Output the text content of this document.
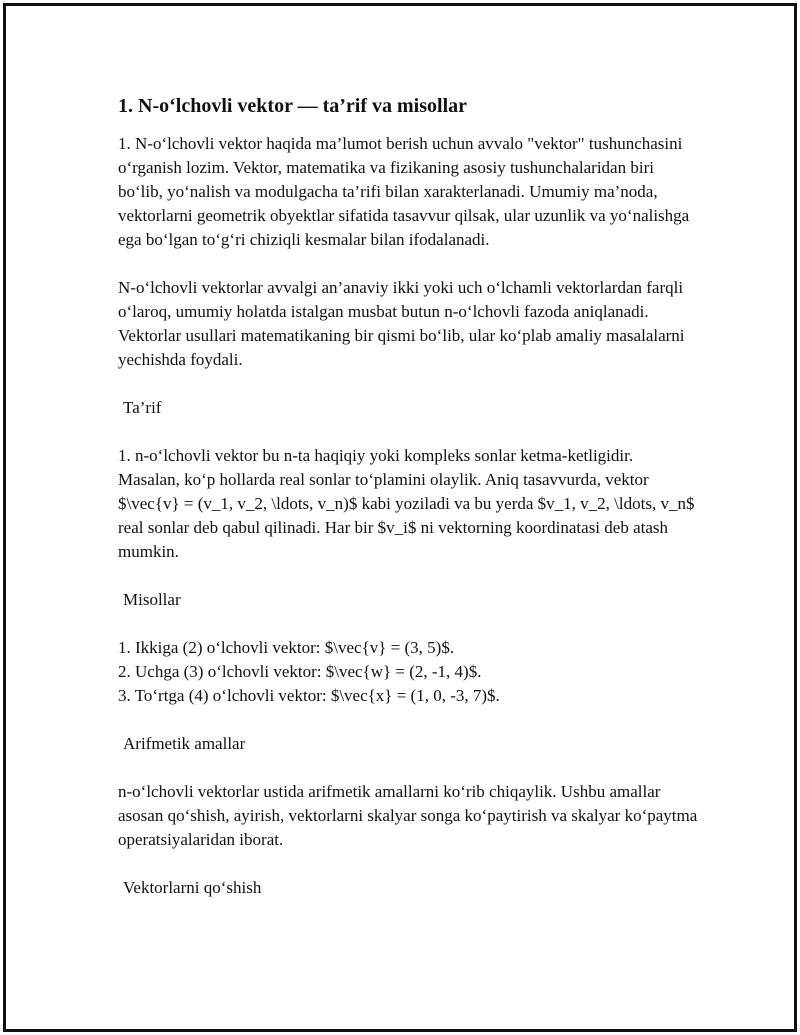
1. N-o‘lchovli vektor — ta’rif va misollar

1. N-o‘lchovli vektor haqida ma’lumot berish uchun avvalo "vektor" tushunchasini o‘rganish lozim. Vektor, matematika va fizikaning asosiy tushunchalaridan biri bo‘lib, yo‘nalish va modulgacha ta’rifi bilan xarakterlanadi. Umumiy ma’noda, vektorlarni geometrik obyektlar sifatida tasavvur qilsak, ular uzunlik va yo‘nalishga ega bo‘lgan to‘g‘ri chiziqli kesmalar bilan ifodalanadi.

N-o‘lchovli vektorlar avvalgi an’anaviy ikki yoki uch o‘lchamli vektorlardan farqli o‘laroq, umumiy holatda istalgan musbat butun n-o‘lchovli fazoda aniqlanadi. Vektorlar usullari matematikaning bir qismi bo‘lib, ular ko‘plab amaliy masalalarni yechishda foydali.

Ta’rif

1. n-o‘lchovli vektor bu n-ta haqiqiy yoki kompleks sonlar ketma-ketligidir. Masalan, ko‘p hollarda real sonlar to‘plamini olaylik. Aniq tasavvurda, vektor $\vec{v} = (v_1, v_2, \ldots, v_n)$ kabi yoziladi va bu yerda $v_1, v_2, \ldots, v_n$ real sonlar deb qabul qilinadi. Har bir $v_i$ ni vektorning koordinatasi deb atash mumkin.

Misollar

1. Ikkiga (2) o‘lchovli vektor: $\vec{v} = (3, 5)$.

2. Uchga (3) o‘lchovli vektor: $\vec{w} = (2, -1, 4)$.

3. To‘rtga (4) o‘lchovli vektor: $\vec{x} = (1, 0, -3, 7)$.

Arifmetik amallar

n-o‘lchovli vektorlar ustida arifmetik amallarni ko‘rib chiqaylik. Ushbu amallar asosan qo‘shish, ayirish, vektorlarni skalyar songa ko‘paytirish va skalyar ko‘paytma operatsiyalaridan iborat.

Vektorlarni qo‘shish
